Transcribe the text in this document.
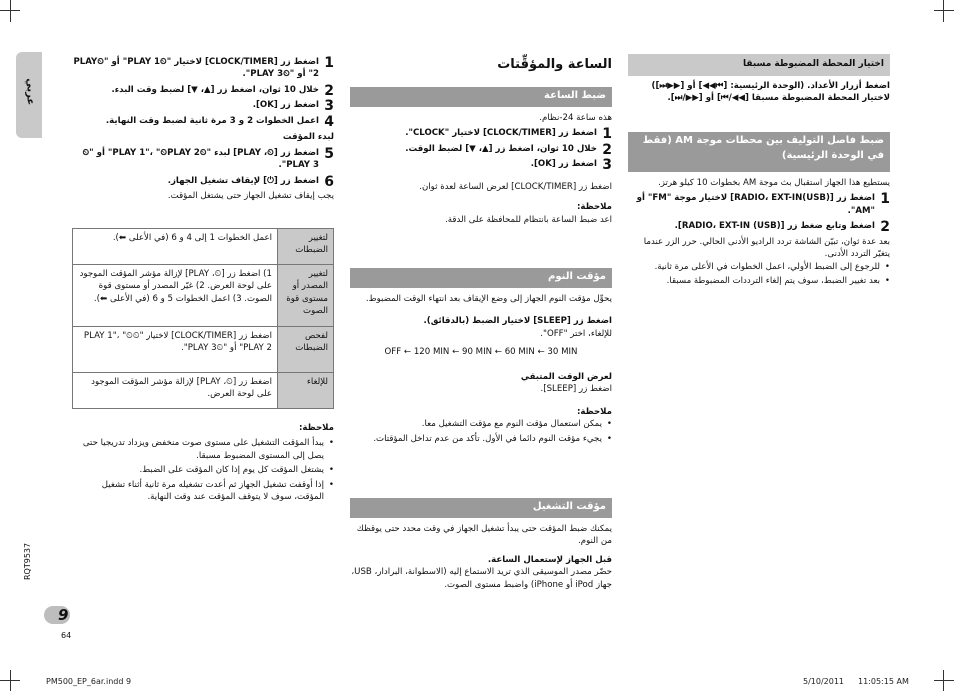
عربي
RQT9537
9
64
1
اضغط زر [CLOCK/TIMER] لاختيار "⏲PLAY 1" أو "⏲PLAY 2" أو "⏲PLAY 3".
2
خلال 10 ثوان، اضغط زر [▲، ▼] لضبط وقت البدء.
3
اضغط زر [OK].
4
اعمل الخطوات 2 و 3 مرة ثانية لضبط وقت النهاية.
لبدء المؤقت
5
اضغط زر [⏲، PLAY] لبدء "⏲PLAY 1"، "⏲PLAY 2" أو "⏲PLAY 3".
6
اضغط زر [⏻] لإيقاف تشغيل الجهاز.
يجب إيقاف تشغيل الجهاز حتى يشتغل المؤقت.
لتغيير الضبطات	اعمل الخطوات 1 إلى 4 و 6 (في الأعلى ⬅).
لتغيير المصدر أو مستوى قوة الصوت	1) اضغط زر [⏲، PLAY] لإزالة مؤشر المؤقت الموجود على لوحة العرض. 2) غيّر المصدر أو مستوى قوة الصوت. 3) اعمل الخطوات 5 و 6 (في الأعلى ⬅).
لفحص الضبطات	اضغط زر [CLOCK/TIMER] لاختيار "⏲PLAY 1"، "⏲PLAY 2" أو "⏲PLAY 3".
للإلغاء	اضغط زر [⏲، PLAY] لإزالة مؤشر المؤقت الموجود على لوحة العرض.
ملاحظة:
• يبدأ المؤقت التشغيل على مستوى صوت منخفض ويزداد تدريجيا حتى يصل إلى المستوى المضبوط مسبقا.
• يشتغل المؤقت كل يوم إذا كان المؤقت على الضبط.
• إذا أوقفت تشغيل الجهاز ثم أعدت تشغيله مرة ثانية أثناء تشغيل المؤقت، سوف لا يتوقف المؤقت عند وقت النهاية.
الساعة والمؤقِّتات
ضبط الساعة
هذه ساعة 24-نظام.
1
اضغط زر [CLOCK/TIMER] لاختيار "CLOCK".
2
خلال 10 ثوان، اضغط زر [▲، ▼] لضبط الوقت.
3
اضغط زر [OK].
اضغط زر [CLOCK/TIMER] لعرض الساعة لعدة ثوان.
ملاحظة:
اعد ضبط الساعة بانتظام للمحافظة على الدقة.
مؤقت النوم
يحوِّل مؤقت النوم الجهاز إلى وضع الإيقاف بعد انتهاء الوقت المضبوط.
اضغط زر [SLEEP] لاختيار الضبط (بالدقائق).
للإلغاء، اختر "OFF".
OFF ← 120 MIN ← 90 MIN ← 60 MIN ← 30 MIN
لعرض الوقت المتبقي
اضغط زر [SLEEP].
ملاحظة:
• يمكن استعمال مؤقت النوم مع مؤقت التشغيل معا.
• يجيء مؤقت النوم دائما في الأول. تأكد من عدم تداخل المؤقتات.
مؤقت التشغيل
يمكنك ضبط المؤقت حتى يبدأ تشغيل الجهاز في وقت محدد حتى يوقظك من النوم.
قبل الجهاز لإستعمال الساعة.
حضّر مصدر الموسيقى الذي تريد الاستماع إليه (الاسطوانة، البرادار، USB، جهاز iPod أو iPhone) واضبط مستوى الصوت.
اختيار المحطة المضبوطة مسبقا
اضغط أزرار الأعداد. (الوحدة الرئيسية: [⏮◀◀] أو [▶▶⏭]) لاختيار المحطة المضبوطة مسبقا [◀◀/⏮] أو [▶▶/⏭].
ضبط فاصل التوليف بين محطات موجة AM (فقط في الوحدة الرئيسية)
يستطيع هذا الجهاز استقبال بث موجة AM بخطوات 10 كيلو هرتز.
1
اضغط زر [RADIO، EXT-IN(USB)] لاختيار موجة "FM" أو "AM".
2
اضغط وتابع ضغط زر [RADIO، EXT-IN (USB)].
بعد عدة ثوان، تبيّن الشاشة تردد الراديو الأدنى الحالي. حرر الزر عندما يتغيّر التردد الأدنى.
• للرجوع إلى الضبط الأولي، اعمل الخطوات في الأعلى مرة ثانية.
• بعد تغيير الضبط، سوف يتم إلغاء الترددات المضبوطة مسبقا.
PM500_EP_6ar.indd 9	5/10/2011 11:05:15 AM
